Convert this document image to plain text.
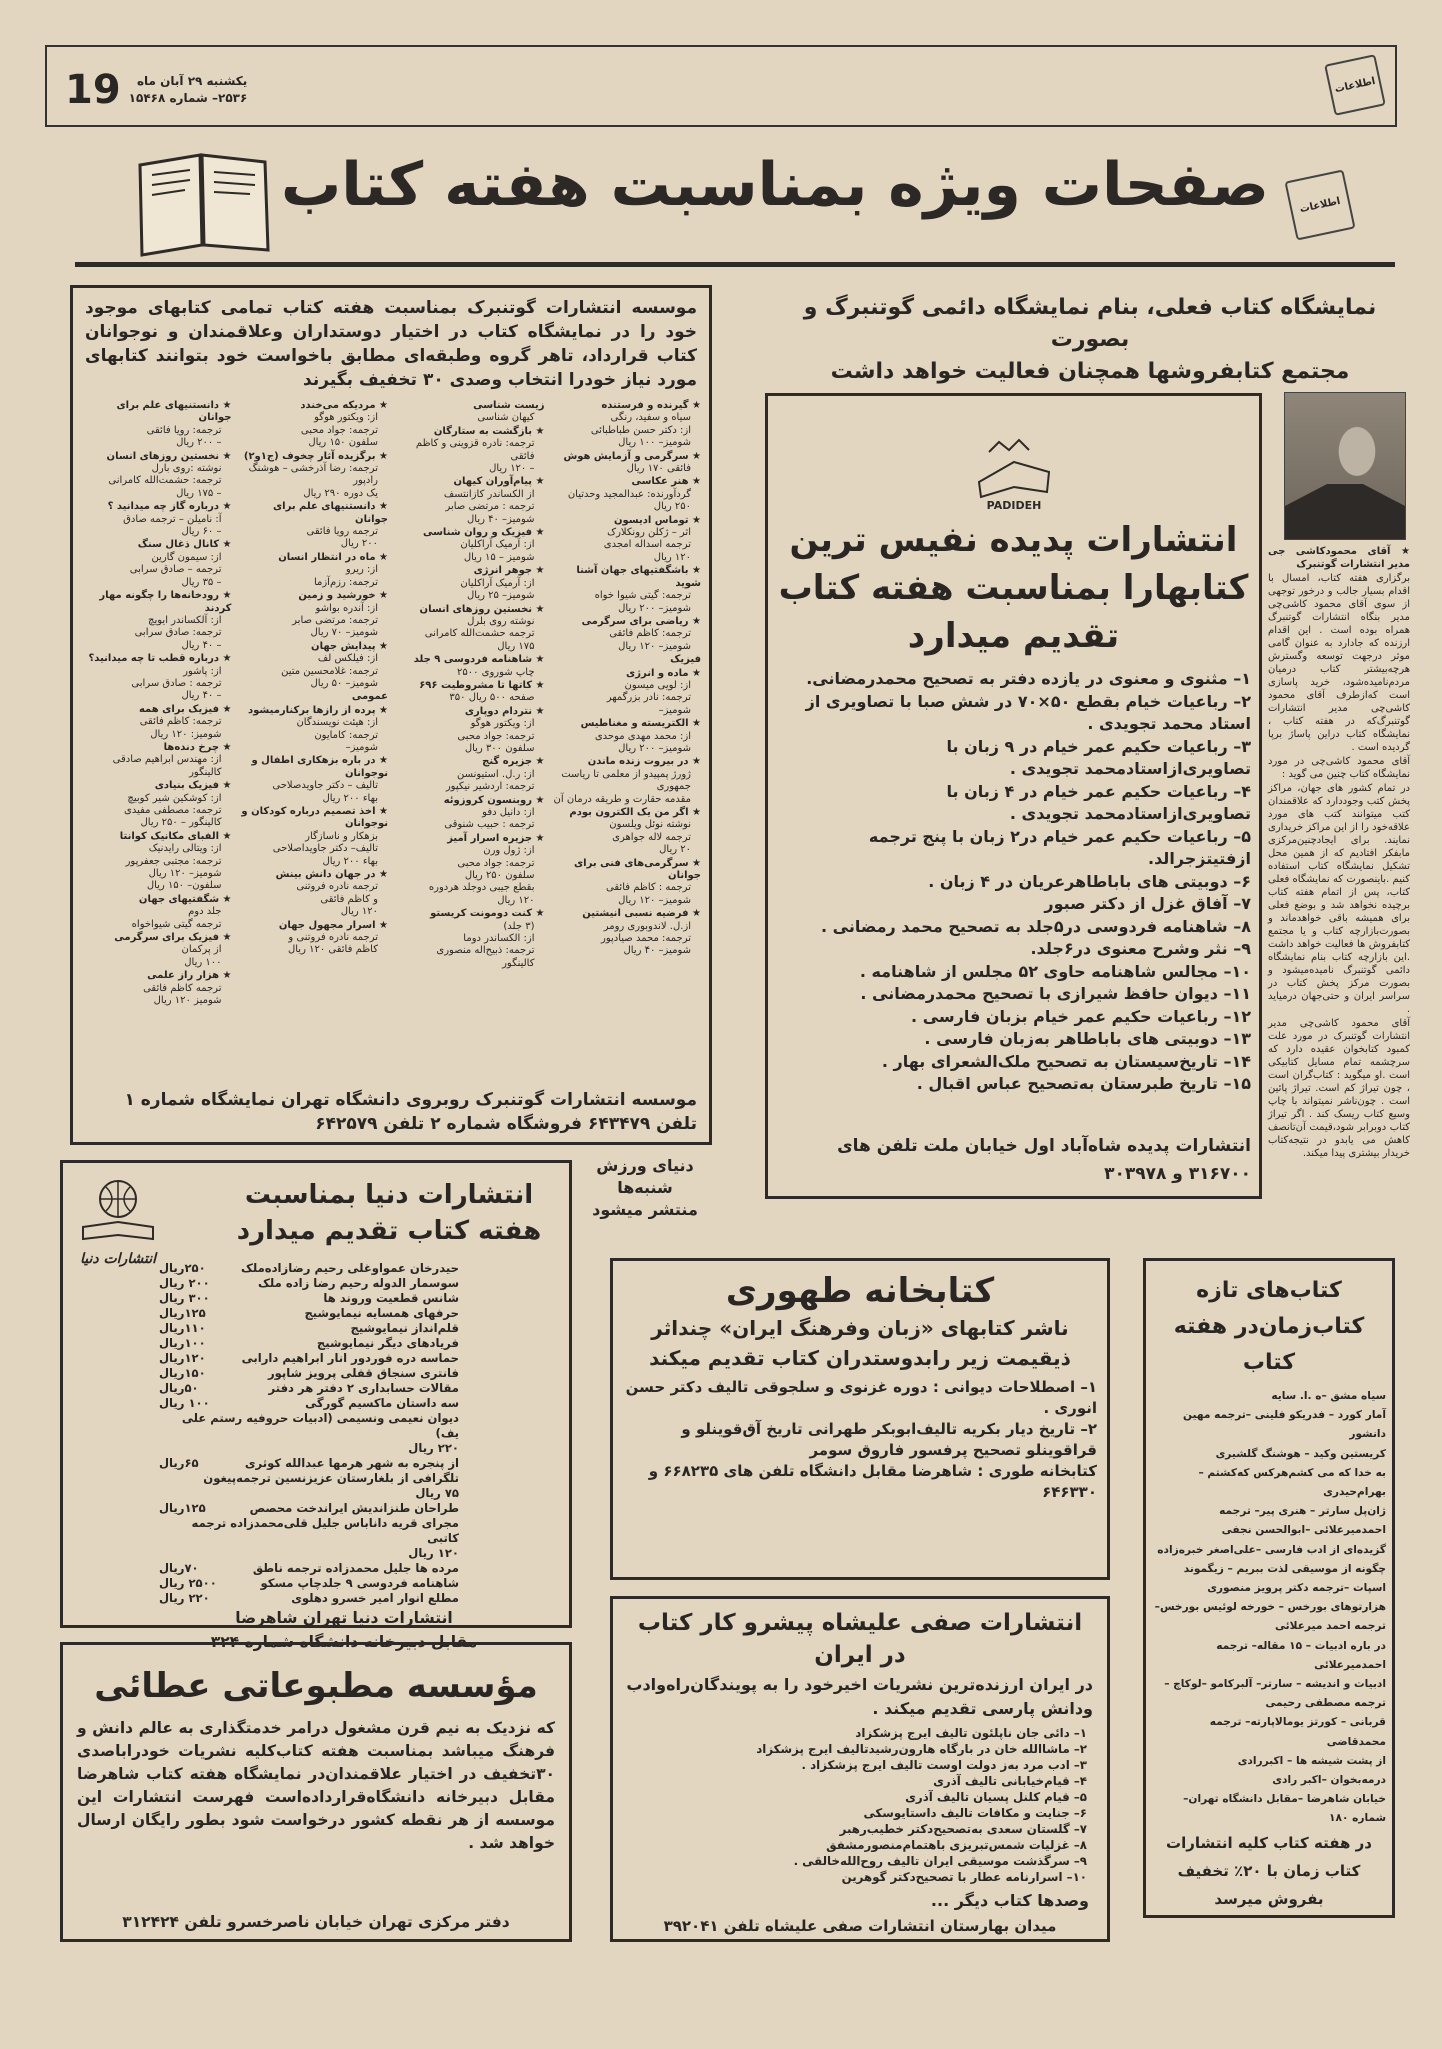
19	یکشنبه ۲۹ آبان ماه
۲۵۳۶– شماره ۱۵۴۶۸
اطلاعات
صفحات ویژه بمناسبت هفته کتاب	اطلاعات
موسسه انتشارات گوتنبرک بمناسبت هفته کتاب تمامی کتابهای موجود خود را در نمایشگاه کتاب در اختیار دوستداران وعلاقمندان و نوجوانان کتاب قرارداد، تاهر گروه وطبقه‌ای مطابق باخواست خود بتوانند کتابهای مورد نیاز خودرا انتخاب وصدی ۳۰ تخفیف بگیرند
★ گیرنده و فرستنده
سیاه و سفید، رنگی
از: دکتر حسن طباطبائی
شومیز– ۱۰۰ ریال
★ سرگرمی و آزمایش هوش
فائقی ۱۷۰ ریال
★ هنر عکاسی
گردآورنده: عبدالمجید وحدتیان
۲۵۰ ریال
★ توماس ادیسون
اثر – ژکلن رونکلارک
ترجمه اسداله امجدی
۱۲۰ ریال
★ باشگفتیهای جهان آشنا شوید
ترجمه: گیتی شیوا خواه
شومیز– ۲۰۰ ریال
★ ریاضی برای سرگرمی
ترجمه: کاظم فائقی
شومیز– ۱۲۰ ریال
فیزیک
★ ماده و انرژی
از: لویی میسون
ترجمه: نادر بزرگمهر
شومیز–
★ الکتریسته و مغناطیس
از: محمد مهدی موحدی
شومیز– ۲۰۰ ریال
★ در بیروت زنده ماندن
ژورژ پمپیدو از معلمی تا ریاست جمهوری
مقدمه حقارت و طریقه درمان آن
★ اگر من یک الکترون بودم
نوشته نوئل ویلسون
ترجمه لاله جواهری
۲۰ ریال
★ سرگرمی‌های فنی برای جوانان
ترجمه : کاظم فائقی
شومیز– ۱۲۰ ریال
★ فرضیه نسبی انیشتین
از.ل. لاندوبوری رومر
ترجمه: محمد صیادپور
شومیز– ۴۰ ریال
زیست شناسی
کیهان شناسی
★ بازگشت به ستارگان
ترجمه: نادره قزوینی و کاظم فائقی
– ۱۲۰ ریال
★ پیام‌آوران کیهان
از الکساندر کازانتسف
ترجمه : مرتضی صابر
شومیز– ۴۰ ریال
★ فیزیک و روان شناسی
از: آرمیک آراکلیان
شومیز – ۱۵ ریال
★ جوهر انرژی
از: آرمیک آراکلیان
شومیز– ۲۵ ریال
★ نخستین روزهای انسان
نوشته روی بلرل
ترجمه حشمت‌الله کامرانی
۱۷۵ ریال
★ شاهنامه فردوسی ۹ جلد
چاپ شوروی ۲۵۰۰
★ کاتها تا مشروطیت ۶۹۶
صفحه ۵۰۰ ریال ۳۵۰
★ نتردام دوپاری
از: ویکتور هوگو
ترجمه: جواد محبی
سلفون ۳۰۰ ریال
★ جزیره گنج
از: ر.ل. استیونسن
ترجمه: اردشیر نیکپور
★ روبنسون کروزوئه
از: دانیل دفو
ترجمه : حبیب شنوقی
★ جزیره اسرار آمیز
از: ژول ورن
ترجمه: جواد محبی
سلفون ۲۵۰ ریال
بقطع جیبی دوجلد هردوره
۱۲۰ ریال
★ کنت دومونت کریستو
(۳ جلد)
از: الکساندر دوما
ترجمه: ذبیح‌اله منصوری
کالینگور
★ مردیکه می‌خندد
از: ویکتور هوگو
ترجمه: جواد محبی
سلفون ۱۵۰ ریال
★ برگزیده آثار چخوف (ج۱و۲)
ترجمه: رضا آذرخشی – هوشنگ رادپور
یک دوره ۲۹۰ ریال
★ دانستنیهای علم برای جوانان
ترجمه رویا فائقی
۲۰۰ ریال
★ ماه در انتظار انسان
از: ریرو
ترجمه: رزم‌آزما
★ خورشید و زمین
از: آندره بواشو
ترجمه: مرتضی صابر
شومیز– ۷۰ ریال
★ پیدایش جهان
از: فیلکس لف
ترجمه: غلامحسین متین
شومیز– ۵۰ ریال
عمومی
★ پرده از رازها برکنارمیشود
از: هیئت نویسندگان
ترجمه: کامایون
شومیز–
★ در باره بزهکاری اطفال و نوجوانان
تالیف – دکتر جاویدصلاحی
بهاء ۲۰۰ ریال
★ اخذ تصمیم درباره کودکان و نوجوانان
بزهکار و ناسازگار
تالیف– دکتر جاویداصلاحی
بهاء ۲۰۰ ریال
★ در جهان دانش بینش
ترجمه نادره فروتنی
و کاظم فائقی
۱۲۰ ریال
★ اسرار مجهول جهان
ترجمه نادره فروتنی و
کاظم فائقی ۱۲۰ ریال
★ دانستنیهای علم برای جوانان
ترجمه: رویا فائقی
– ۲۰۰ ریال
★ نخستین روزهای انسان
نوشته :روی بارل
ترجمه: حشمت‌الله کامرانی
– ۱۷۵ ریال
★ درباره گاز چه میدانید ؟
آ: ناميلن – ترجمه صادق
– ۶۰ ریال
★ کانال ذغال سنگ
از: سیمون گارین
ترجمه – صادق سرابی
– ۳۵ ریال
★ رودخانه‌ها را چگونه مهار کردند
از: آلکساندر ایویچ
ترجمه: صادق سرابی
– ۴۰ ریال
★ درباره قطب تا چه میدانید؟
از: پاشور
ترجمه : صادق سرابی
– ۴۰ ریال
★ فیزیک برای همه
ترجمه: کاظم فائقی
شومیز: ۱۲۰ ریال
★ چرخ دنده‌ها
از: مهندس ابراهیم صادقی
کالینگور
★ فیزیک بنیادی
از: کوشکین شیر کوبیچ
ترجمه: مصطفی مفیدی
کالینگور – ۲۵۰ ریال
★ الفبای مکانیک کوانتا
از: ویتالی رایدنیک
ترجمه: مجتبی جعفرپور
شومیز– ۱۲۰ ریال
سلفون– ۱۵۰ ریال
★ شگفتیهای جهان
جلد دوم
ترجمه گیتی شیواخواه
★ فیزیک برای سرگرمی
از پرکمان
۱۰۰ ریال
★ هزار راز علمی
ترجمه کاظم فائقی
شومیز ۱۲۰ ریال
موسسه انتشارات گوتنبرک روبروی دانشگاه تهران نمایشگاه شماره ۱ تلفن ۶۴۳۴۷۹ فروشگاه شماره ۲ تلفن ۶۴۲۵۷۹
نمایشگاه کتاب فعلی، بنام نمایشگاه دائمی گوتنبرگ و بصورت
مجتمع کتابفروشها همچنان فعالیت خواهد داشت
PADIDEH
انتشارات پدیده نفیس ترین کتابهارا بمناسبت هفته کتاب تقدیم میدارد
۱– مثنوی و معنوی در یازده دفتر به تصحیح محمدرمضانی.
۲– رباعیات خیام بقطع ۵۰×۷۰ در شش صبا با تصاویری از استاد محمد تجویدی .
۳– رباعیات حکیم عمر خیام در ۹ زبان با تصاویری‌ازاستادمحمد تجویدی .
۴– رباعیات حکیم عمر خیام در ۴ زبان با تصاویری‌ازاستادمحمد تجویدی .
۵– رباعیات حکیم عمر خیام در۲ زبان با پنج ترجمه ازفتیتزجرالد.
۶– دوبیتی های باباطاهرعریان در ۴ زبان .
۷– آفاق غزل از دکتر صبور
۸– شاهنامه فردوسی در۵جلد به تصحیح محمد رمضانی .
۹– نثر وشرح معنوی در۶جلد.
۱۰– مجالس شاهنامه حاوی ۵۲ مجلس از شاهنامه .
۱۱– دیوان حافظ شیرازی با تصحیح محمدرمضانی .
۱۲– رباعیات حکیم عمر خیام بزبان فارسی .
۱۳– دوبیتی های باباطاهر به‌زبان فارسی .
۱۴– تاریخ‌سیستان به تصحیح ملک‌الشعرای بهار .
۱۵– تاریخ طبرستان به‌تصحیح عباس اقبال .
انتشارات پدیده شاه‌آباد اول خیابان ملت تلفن های ۳۱۶۷۰۰ و ۳۰۳۹۷۸

★ آقای محمودکاشی جی مدیر انتشارات گوتنبرک

برگزاری هفته کتاب، امسال با اقدام بسیار جالب و درخور توجهی از سوی آقای محمود کاشی‌چی مدیر بنگاه انتشارات گوتنبرگ همراه بوده است . این اقدام ارزنده که جادارد به عنوان گامی موثر درجهت توسعه وگسترش هرچه‌بیشتر کتاب درمیان مردم‌نامیده‌شود، خرید پاسازی است که‌ازطرف آقای محمود کاشی‌چی مدیر انتشارات گوتنبرگ‌که در هفته کتاب ، نمایشگاه کتاب دراین پاساژ برپا گردیده است .

آقای محمود کاشی‌چی در مورد نمایشگاه کتاب چنین می گوید :

در تمام کشور های جهان، مراکز پخش کتب وجوددارد که علاقمندان کتب میتوانند کتب های مورد علاقه‌خود را از این مراکز خریداری نمایند. برای ایجادچنین‌مرکزی مابفکر افتادیم که از همین محل تشکیل نمایشگاه کتاب استفاده کنیم .باینصورت که نمایشگاه فعلی کتاب، پس از اتمام هفته کتاب برچیده نخواهد شد و بوضع فعلی برای همیشه باقی خواهدماند و بصورت‌بازارچه کتاب و یا مجتمع کتابفروش ها فعالیت خواهد داشت .این بازارچه کتاب بنام نمایشگاه دائمی گوتنبرگ نامیده‌میشود و بصورت مرکز پخش کتاب در سراسر ایران و حتی‌جهان درمیاید .

آقای محمود کاشی‌چی مدیر انتشارات گوتنبرک در مورد علت کمبود کتابخوان عقیده دارد که سرچشمه تمام مسایل کتابیکی است .او میگوید : کتاب‌گران است ، چون تیراژ کم است. تیراژ پائین است . چون‌ناشر نمیتواند با چاپ وسیع کتاب ریسک کند . اگر تیراژ کتاب دوبرابر شود،قیمت آن‌تانصف کاهش می یابدو در نتیجه‌کتاب خریدار بیشتری پیدا میکند.

دنیای ورزش
شنبه‌ها
منتشر میشود
انتشارات دنیا بمناسبت هفته کتاب تقدیم میدارد
انتشارات دنیا
حیدرخان عمواوغلی رحیم رضازاده‌ملک
۲۵۰ریال
سوسمار الدوله رحیم رضا زاده ملک
۲۰۰ ریال
شانس قطعیت وروند ها
۳۰۰ ریال
حرفهای همسایه نیمایوشیج
۱۲۵ریال
قلم‌انداز نیمایوشیج
۱۱۰ریال
فریادهای دیگر نیمایوشیج
۱۰۰ریال
حماسه دره فوردور انار ابراهیم دارابی
۱۲۰ریال
فانتری سنجاق قفلی پرویز شاپور
۱۵۰ریال
مقالات حسابداری ۲ دفتر هر دفتر
۵۰ریال
سه داستان ماکسیم گورگی
۱۰۰ ریال
دیوان نعیمی ونسیمی (ادبیات حروفیه رستم علی یف)
۲۲۰ ریال
از پنجره به شهر هرمها عبدالله کوثری
۶۵ریال
تلگرافی از بلغارستان عزیزنسین ترجمه‌پیغون
۷۵ ریال
طراحان طنزاندیش ایراندخت محصص
۱۲۵ریال
مجرای قریه داناباس جلیل قلی‌محمدزاده ترجمه کاتبی
۱۲۰ ریال
مرده ها جلیل محمدزاده ترجمه ناطق
۷۰ریال
شاهنامه فردوسی ۹ جلدچاپ مسکو
۲۵۰۰ ریال
مطلع انوار امیر خسرو دهلوی
۲۲۰ ریال
انتشارات دنیا تهران شاهرضا
مقابل دبیرخانه دانشگاه شماره ۳۲۴
مؤسسه مطبوعاتی عطائی
که نزدیک به نیم قرن مشغول درامر خدمتگذاری به عالم دانش و فرهنگ میباشد بمناسبت هفته کتاب‌کلیه نشریات خودراباصدی ۳۰تخفیف در اختیار علاقمندان‌در نمایشگاه هفته کتاب شاهرضا مقابل دبیرخانه دانشگاه‌قرارداده‌است فهرست انتشارات این موسسه از هر نقطه کشور درخواست شود بطور رایگان ارسال خواهد شد .
دفتر مرکزی تهران خیابان ناصرخسرو تلفن ۳۱۲۴۲۴
کتابخانه طهوری
ناشر کتابهای «زبان وفرهنگ ایران» چنداثر ذیقیمت زیر رابدوستدران کتاب تقدیم میکند
۱– اصطلاحات دیوانی : دوره غزنوی و سلجوقی تالیف دکتر حسن انوری .
۲– تاریخ دیار بکریه تالیف‌ابوبکر طهرانی تاریخ آق‌قوینلو و قراقوینلو تصحیح پرفسور فاروق سومر
کتابخانه طوری : شاهرضا مقابل دانشگاه تلفن های ۶۶۸۲۳۵ و ۶۴۶۳۳۰
انتشارات صفی علیشاه پیشرو کار کتاب در ایران
در ایران ارزنده‌ترین نشریات اخیرخود را به پویندگان‌راه‌وادب ودانش پارسی تقدیم میکند .
۱– دائی جان ناپلئون تالیف ایرج پزشکزاد
۲– ماشاالله خان در بارگاه هارون‌رشیدتالیف ایرج پزشکزاد
۳– ادب مرد به‌ز دولت اوست تالیف ایرج پزشکزاد .
۴– قیام‌خیابانی تالیف آذری
۵– قیام کلنل پسیان تالیف آذری
۶– جنایت و مکافات تالیف داستایوسکی
۷– گلستان سعدی به‌تصحیح‌دکتر خطیب‌رهبر
۸– غزلیات شمس‌تبریزی باهتمام‌منصورمشفق
۹– سرگذشت موسیقی ایران تالیف روح‌الله‌خالقی .
۱۰– اسرارنامه عطار با تصحیح‌دکتر گوهرین
وصدها کتاب دیگر ...
میدان بهارستان انتشارات صفی علیشاه تلفن ۳۹۲۰۴۱
کتاب‌های تازه
کتاب‌زمان‌در هفته کتاب
سیاه مشق –ه .ا. سایه
آمار کورد – فدریکو فلینی –ترجمه مهین دانشور
کریستین وکید – هوشنگ گلشیری
به خدا که می کشم‌هرکس که‌کشتم –بهرام‌حیدری
ژان‌پل سارتر – هنری پیر– ترجمه احمدمیرعلائی –ابوالحسن نجفی
گزیده‌ای از ادب فارسی –علی‌اصغر خبره‌زاده
چگونه از موسیقی لذت ببریم – زیگموند اسپات –ترجمه دکتر پرویز منصوری
هزارتوهای بورخس – خورخه لوئیس بورخس– ترجمه احمد میرعلائی
در باره ادبیات – ۱۵ مقاله– ترجمه احمدمیرعلائی
ادبیات و اندیشه – سارتر– آلبرکامو –لوکاچ – ترجمه مصطفی رحیمی
قربانی – کورتز یومالاپارته– ترجمه محمدقاضی
از پشت شیشه ها – اکبررادی
درمه‌بخوان –اکبر رادی
خیابان شاهرضا –مقابل دانشگاه تهران– شماره ۱۸۰
در هفته کتاب کلیه انتشارات کتاب زمان با ۲۰٪ تخفیف بفروش میرسد
